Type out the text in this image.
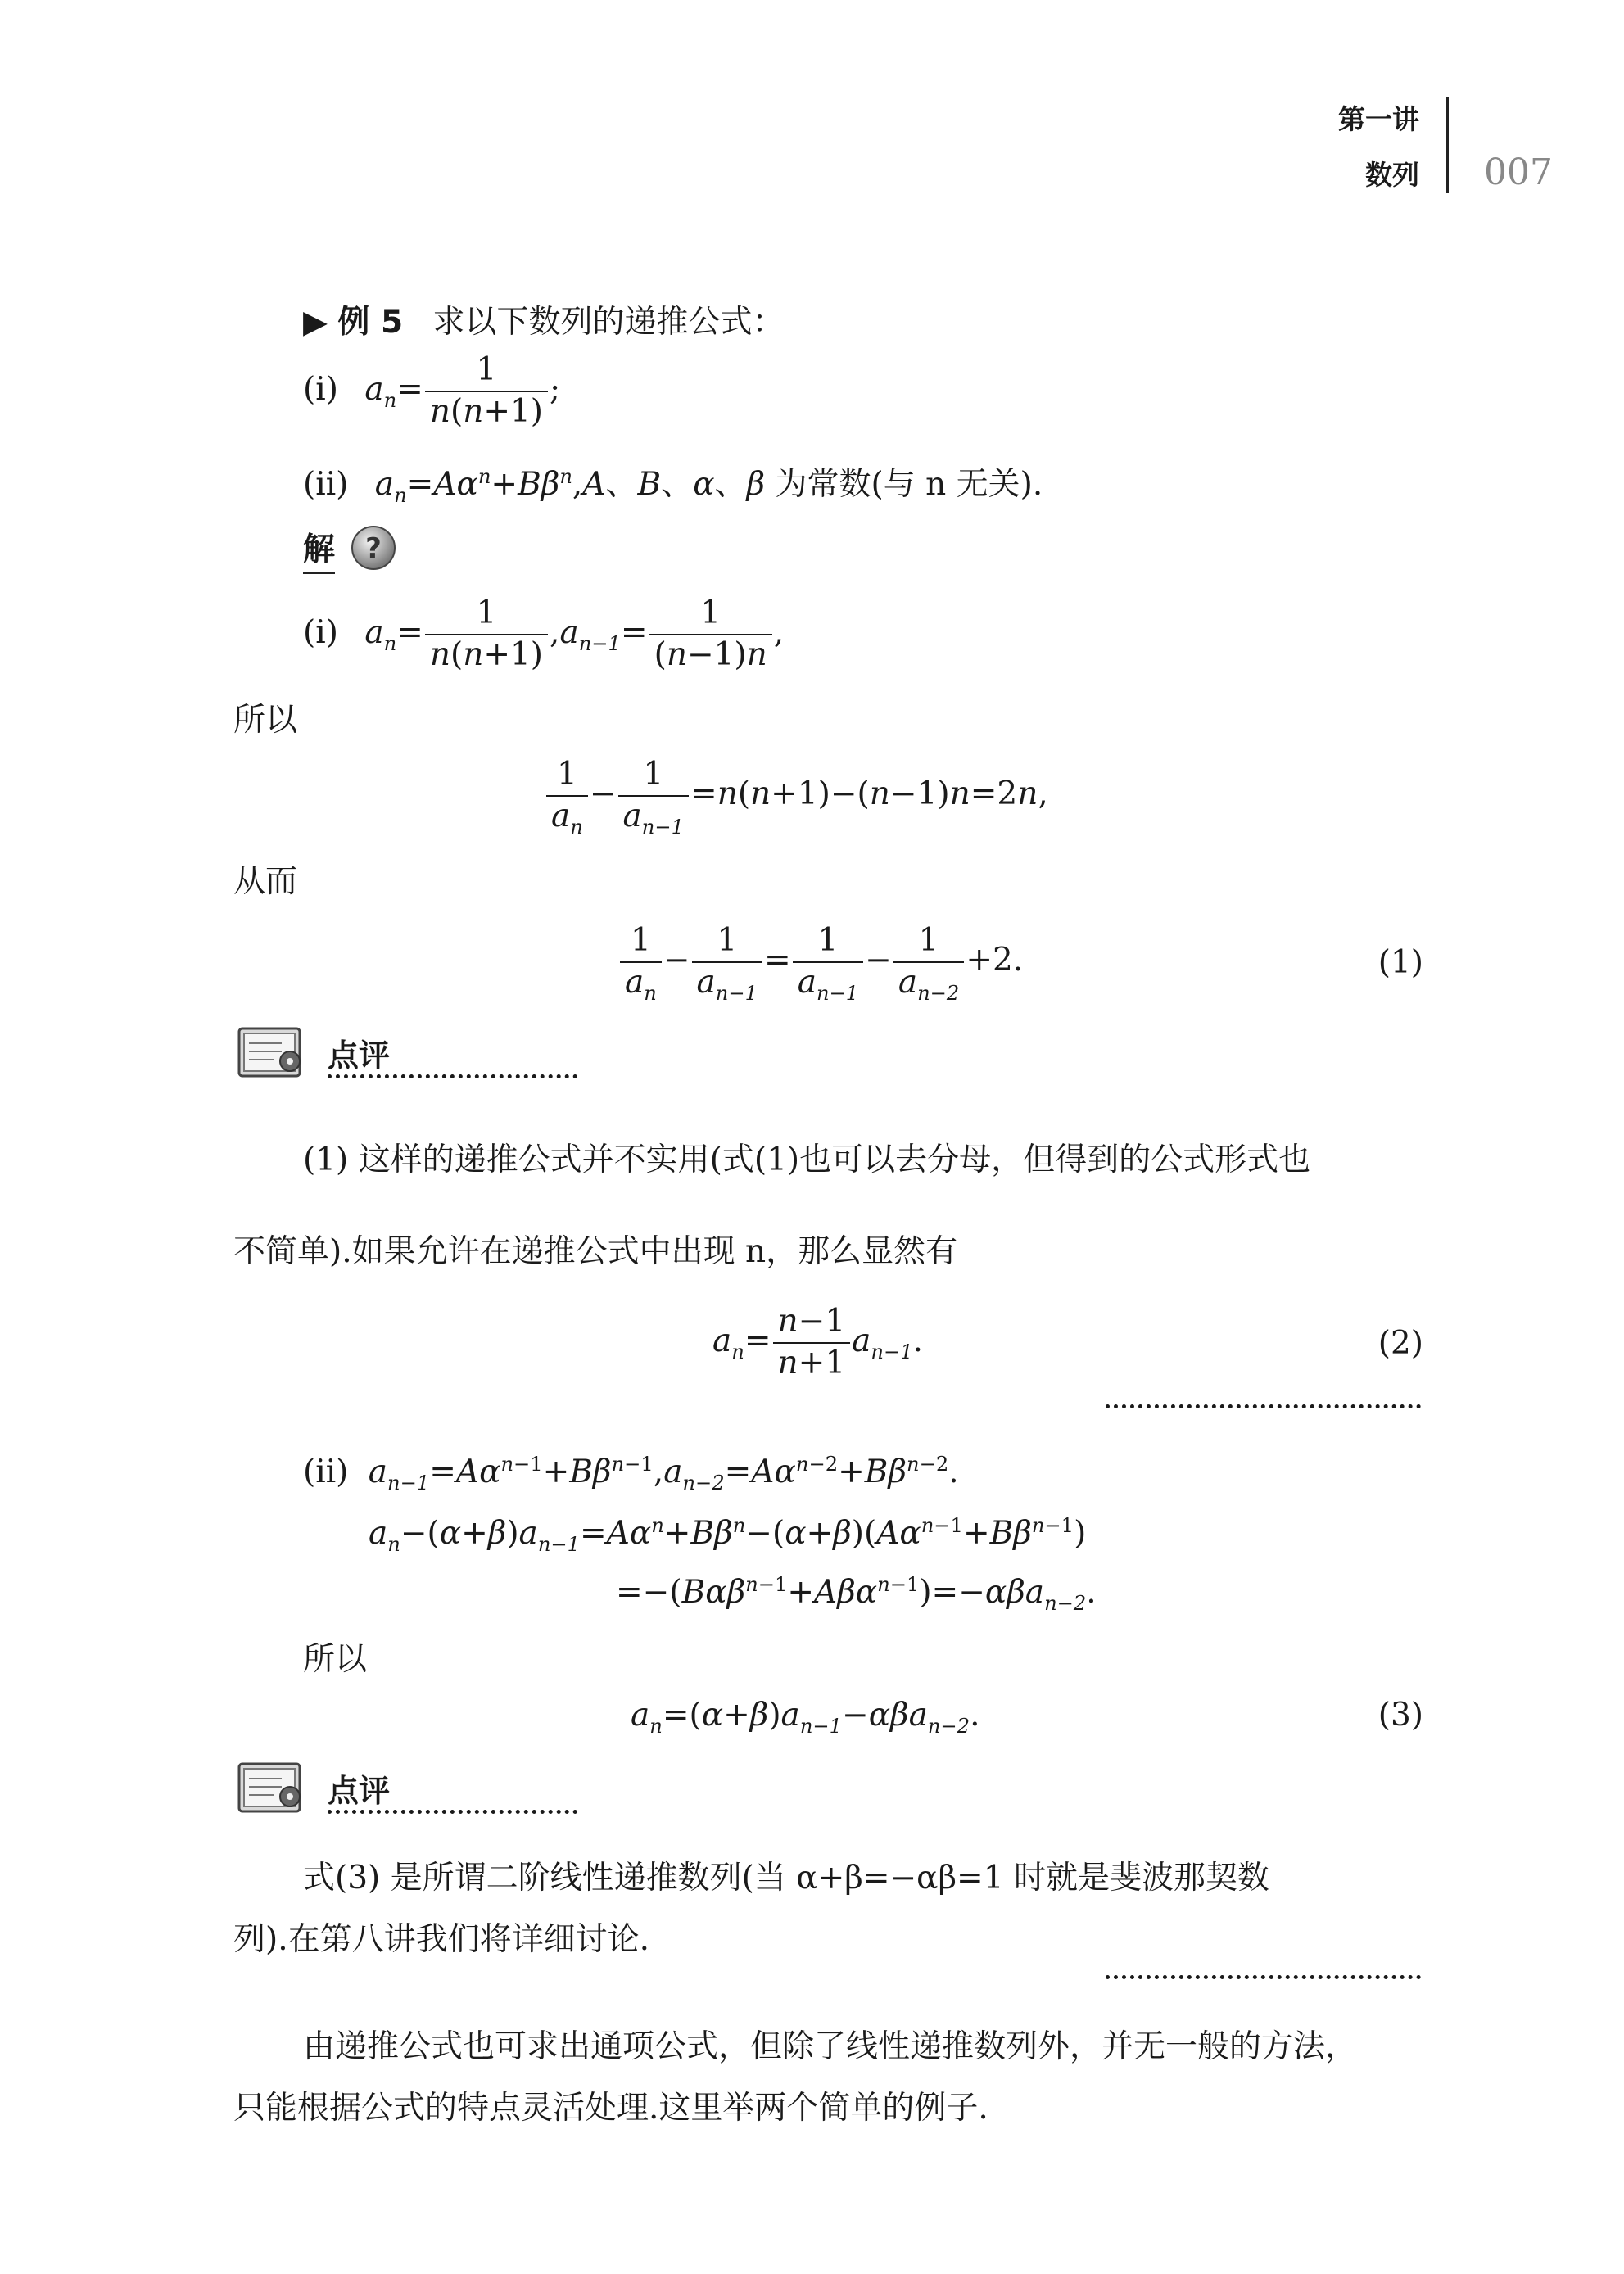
第一讲
数列 007
▶ 例 5 求以下数列的递推公式：
(i) $a_n= \frac{1}{n(n+1)}$ ;
(ii) $a_n=A\alpha^n+B\beta^n,A$、B、α、β 为常数(与 n 无关).
解 ?
(i) $a_n= \frac{1}{n(n+1)} ,a_{n-1}= \frac{1}{(n-1)n}$ ,
所以
$\frac{1}{a_n} - \frac{1}{a_{n-1}} =n(n+1)-(n-1)n=2n$,
从而
$\frac{1}{a_n} - \frac{1}{a_{n-1}} = \frac{1}{a_{n-1}} - \frac{1}{a_{n-2}} +2$.	(1)
点评
(1) 这样的递推公式并不实用(式(1)也可以去分母，但得到的公式形式也
不简单).如果允许在递推公式中出现 n，那么显然有
$a_n= \frac{n-1}{n+1} a_{n-1}$.	(2)
(ii) $a_{n-1}=A\alpha^{n-1}+B\beta^{n-1},a_{n-2}=A\alpha^{n-2}+B\beta^{n-2}$.
$a_n-(\alpha+\beta)a_{n-1}=A\alpha^n+B\beta^n-(\alpha+\beta)(A\alpha^{n-1}+B\beta^{n-1})$
=−(Bαβ$^{n-1}$+Aβα$^{n-1}$)=−αβa$_{n-2}$.
所以
$a_n=(\alpha+\beta)a_{n-1}-\alpha\beta a_{n-2}$.	(3)
点评
式(3) 是所谓二阶线性递推数列(当 α+β=−αβ=1 时就是斐波那契数
列).在第八讲我们将详细讨论.
由递推公式也可求出通项公式，但除了线性递推数列外，并无一般的方法，
只能根据公式的特点灵活处理.这里举两个简单的例子.
